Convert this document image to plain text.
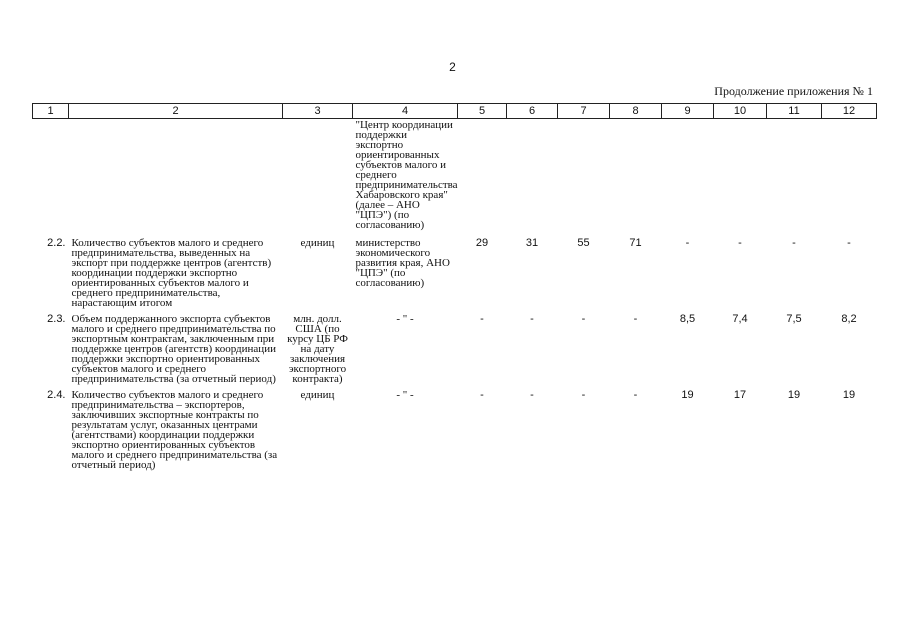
2
Продолжение приложения № 1
1	2	3	4	5	6	7	8	9	10	11	12
			"Центр координации поддержки экспортно ориентированных субъектов малого и среднего предпринимательства Хабаровского края" (далее – АНО "ЦПЭ") (по согласованию)								
2.2.	Количество субъектов малого и среднего предпринимательства, выведенных на экспорт при поддержке центров (агентств) координации поддержки экспортно ориентированных субъектов малого и среднего предпринимательства, нарастающим итогом	единиц	министерство экономического развития края, АНО "ЦПЭ" (по согласованию)	29	31	55	71	-	-	-	-
2.3.	Объем поддержанного экспорта субъектов малого и среднего предпринимательства по экспортным контрактам, заключенным при поддержке центров (агентств) координации поддержки экспортно ориентированных субъектов малого и среднего предпринимательства (за отчетный период)	млн. долл. США (по курсу ЦБ РФ на дату заключения экспортного контракта)	- " -	-	-	-	-	8,5	7,4	7,5	8,2
2.4.	Количество субъектов малого и среднего предпринимательства – экспортеров, заключивших экспортные контракты по результатам услуг, оказанных центрами (агентствами) координации поддержки экспортно ориентированных субъектов малого и среднего предпринимательства (за отчетный период)	единиц	- " -	-	-	-	-	19	17	19	19
